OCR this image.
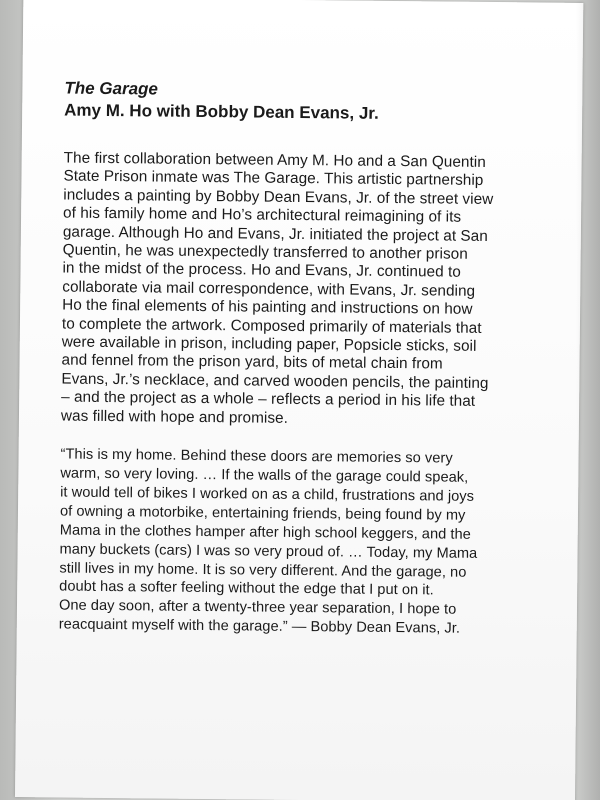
The Garage

Amy M. Ho with Bobby Dean Evans, Jr.

The first collaboration between Amy M. Ho and a San Quentin
State Prison inmate was The Garage. This artistic partnership
includes a painting by Bobby Dean Evans, Jr. of the street view
of his family home and Ho’s architectural reimagining of its
garage. Although Ho and Evans, Jr. initiated the project at San
Quentin, he was unexpectedly transferred to another prison
in the midst of the process. Ho and Evans, Jr. continued to
collaborate via mail correspondence, with Evans, Jr. sending
Ho the final elements of his painting and instructions on how
to complete the artwork. Composed primarily of materials that
were available in prison, including paper, Popsicle sticks, soil
and fennel from the prison yard, bits of metal chain from
Evans, Jr.’s necklace, and carved wooden pencils, the painting
– and the project as a whole – reflects a period in his life that
was filled with hope and promise.
“This is my home. Behind these doors are memories so very
warm, so very loving. … If the walls of the garage could speak,
it would tell of bikes I worked on as a child, frustrations and joys
of owning a motorbike, entertaining friends, being found by my
Mama in the clothes hamper after high school keggers, and the
many buckets (cars) I was so very proud of. … Today, my Mama
still lives in my home. It is so very different. And the garage, no
doubt has a softer feeling without the edge that I put on it.
One day soon, after a twenty-three year separation, I hope to
reacquaint myself with the garage.” — Bobby Dean Evans, Jr.
